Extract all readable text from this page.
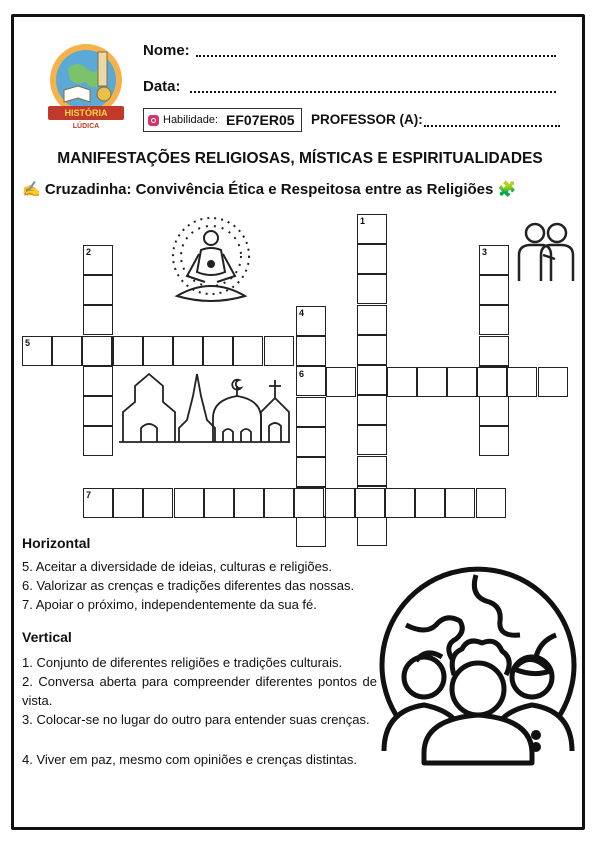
HISTÓRIA
LÚDICA
Nome:
Data:
Habilidade: EF07ER05 PROFESSOR (A):
MANIFESTAÇÕES RELIGIOSAS, MÍSTICAS E ESPIRITUALIDADES
✍️ Cruzadinha: Convivência Ética e Respeitosa entre as Religiões 🧩
1
2	3
4
5
6
7
Horizontal
5. Aceitar a diversidade de ideias, culturas e religiões.
6. Valorizar as crenças e tradições diferentes das nossas.
7. Apoiar o próximo, independentemente da sua fé.
Vertical
1. Conjunto de diferentes religiões e tradições culturais.
2. Conversa aberta para compreender diferentes pontos de vista.
3. Colocar-se no lugar do outro para entender suas crenças.
4. Viver em paz, mesmo com opiniões e crenças distintas.
